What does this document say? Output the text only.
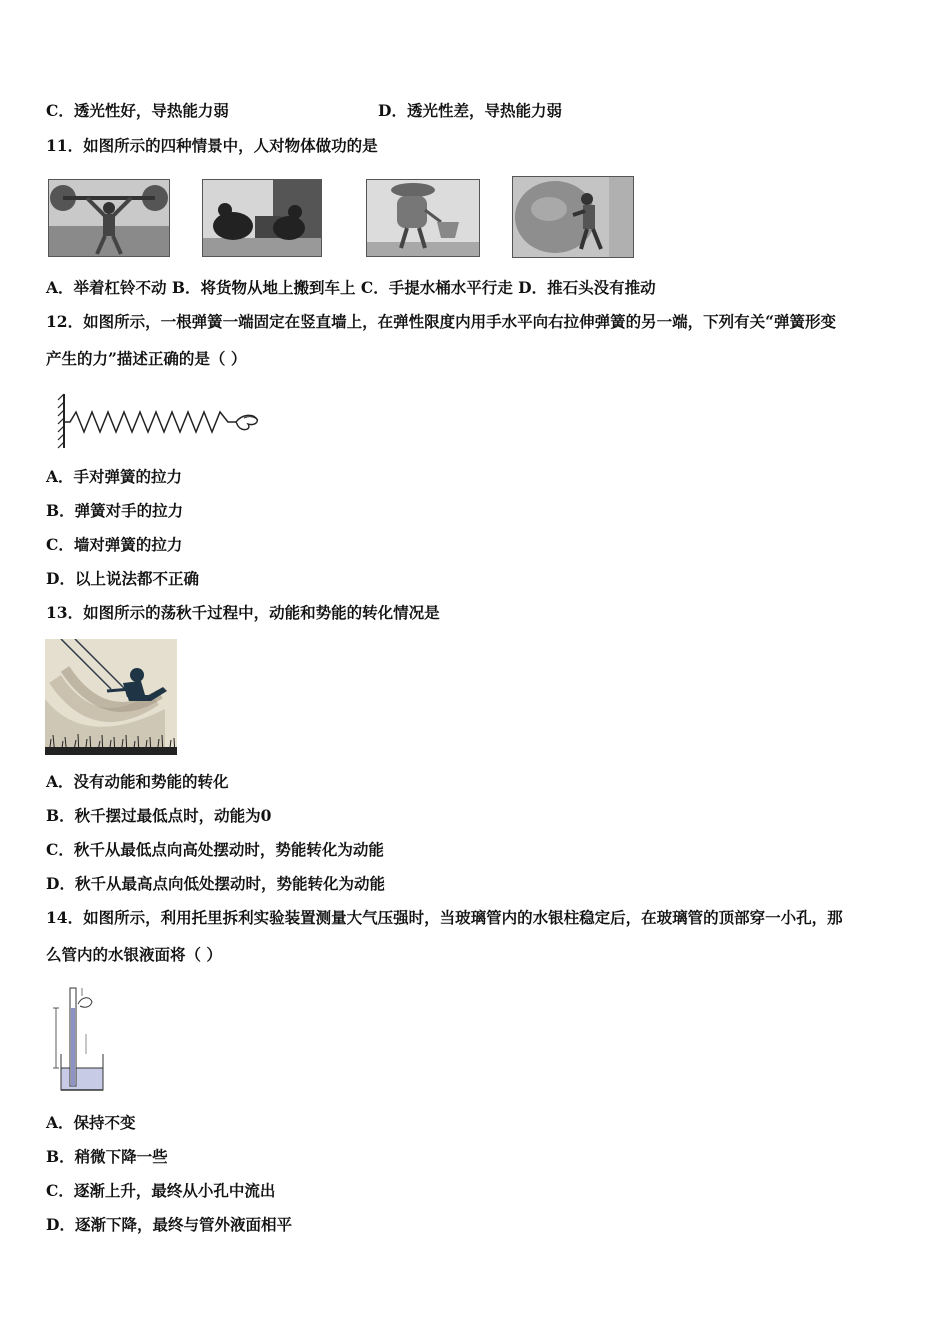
C．透光性好，导热能力弱	D．透光性差，导热能力弱
11．如图所示的四种情景中，人对物体做功的是
A．举着杠铃不动 B．将货物从地上搬到车上 C．手提水桶水平行走 D．推石头没有推动
12．如图所示，一根弹簧一端固定在竖直墙上，在弹性限度内用手水平向右拉伸弹簧的另一端，下列有关“弹簧形变
产生的力”描述正确的是（ ）
A．手对弹簧的拉力
B．弹簧对手的拉力
C．墙对弹簧的拉力
D．以上说法都不正确
13．如图所示的荡秋千过程中，动能和势能的转化情况是
A．没有动能和势能的转化
B．秋千摆过最低点时，动能为0
C．秋千从最低点向高处摆动时，势能转化为动能
D．秋千从最高点向低处摆动时，势能转化为动能
14．如图所示，利用托里拆利实验装置测量大气压强时，当玻璃管内的水银柱稳定后，在玻璃管的顶部穿一小孔，那
么管内的水银液面将（ ）
A．保持不变
B．稍微下降一些
C．逐渐上升，最终从小孔中流出
D．逐渐下降，最终与管外液面相平
